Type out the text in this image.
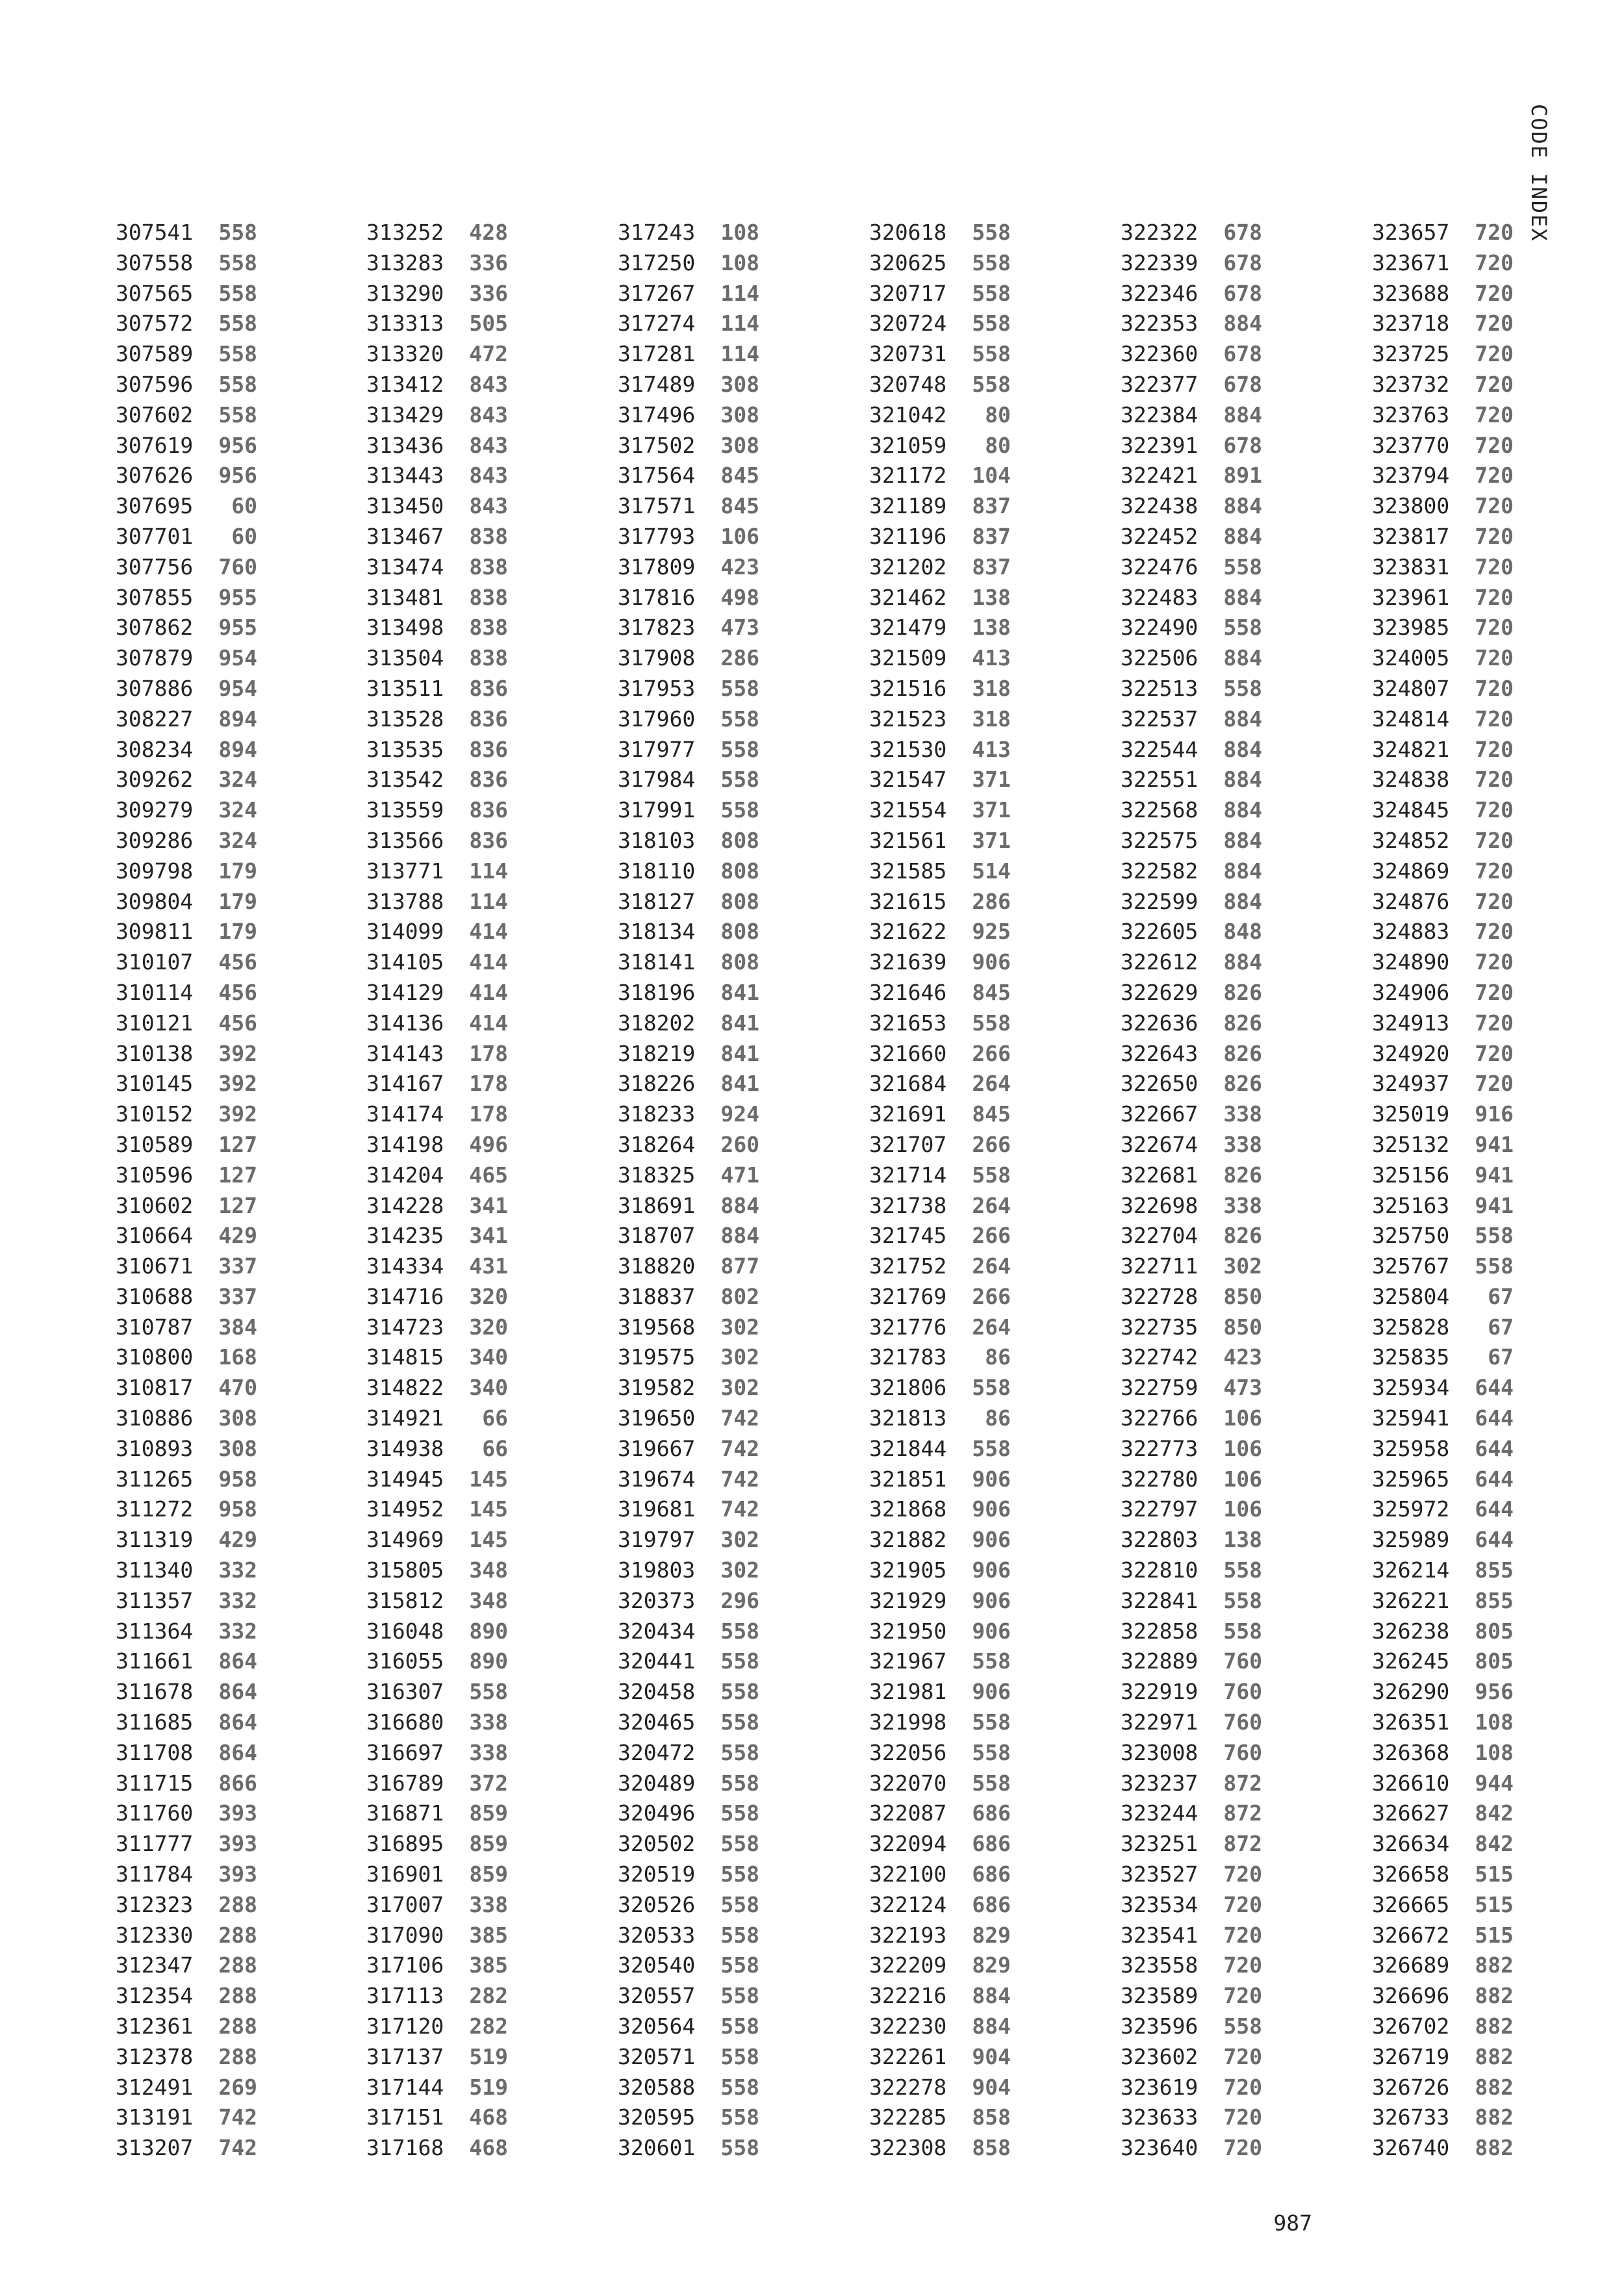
CODE INDEX
307541	558
307558	558
307565	558
307572	558
307589	558
307596	558
307602	558
307619	956
307626	956
307695	60
307701	60
307756	760
307855	955
307862	955
307879	954
307886	954
308227	894
308234	894
309262	324
309279	324
309286	324
309798	179
309804	179
309811	179
310107	456
310114	456
310121	456
310138	392
310145	392
310152	392
310589	127
310596	127
310602	127
310664	429
310671	337
310688	337
310787	384
310800	168
310817	470
310886	308
310893	308
311265	958
311272	958
311319	429
311340	332
311357	332
311364	332
311661	864
311678	864
311685	864
311708	864
311715	866
311760	393
311777	393
311784	393
312323	288
312330	288
312347	288
312354	288
312361	288
312378	288
312491	269
313191	742
313207	742
313252	428
313283	336
313290	336
313313	505
313320	472
313412	843
313429	843
313436	843
313443	843
313450	843
313467	838
313474	838
313481	838
313498	838
313504	838
313511	836
313528	836
313535	836
313542	836
313559	836
313566	836
313771	114
313788	114
314099	414
314105	414
314129	414
314136	414
314143	178
314167	178
314174	178
314198	496
314204	465
314228	341
314235	341
314334	431
314716	320
314723	320
314815	340
314822	340
314921	66
314938	66
314945	145
314952	145
314969	145
315805	348
315812	348
316048	890
316055	890
316307	558
316680	338
316697	338
316789	372
316871	859
316895	859
316901	859
317007	338
317090	385
317106	385
317113	282
317120	282
317137	519
317144	519
317151	468
317168	468
317243	108
317250	108
317267	114
317274	114
317281	114
317489	308
317496	308
317502	308
317564	845
317571	845
317793	106
317809	423
317816	498
317823	473
317908	286
317953	558
317960	558
317977	558
317984	558
317991	558
318103	808
318110	808
318127	808
318134	808
318141	808
318196	841
318202	841
318219	841
318226	841
318233	924
318264	260
318325	471
318691	884
318707	884
318820	877
318837	802
319568	302
319575	302
319582	302
319650	742
319667	742
319674	742
319681	742
319797	302
319803	302
320373	296
320434	558
320441	558
320458	558
320465	558
320472	558
320489	558
320496	558
320502	558
320519	558
320526	558
320533	558
320540	558
320557	558
320564	558
320571	558
320588	558
320595	558
320601	558
320618	558
320625	558
320717	558
320724	558
320731	558
320748	558
321042	80
321059	80
321172	104
321189	837
321196	837
321202	837
321462	138
321479	138
321509	413
321516	318
321523	318
321530	413
321547	371
321554	371
321561	371
321585	514
321615	286
321622	925
321639	906
321646	845
321653	558
321660	266
321684	264
321691	845
321707	266
321714	558
321738	264
321745	266
321752	264
321769	266
321776	264
321783	86
321806	558
321813	86
321844	558
321851	906
321868	906
321882	906
321905	906
321929	906
321950	906
321967	558
321981	906
321998	558
322056	558
322070	558
322087	686
322094	686
322100	686
322124	686
322193	829
322209	829
322216	884
322230	884
322261	904
322278	904
322285	858
322308	858
322322	678
322339	678
322346	678
322353	884
322360	678
322377	678
322384	884
322391	678
322421	891
322438	884
322452	884
322476	558
322483	884
322490	558
322506	884
322513	558
322537	884
322544	884
322551	884
322568	884
322575	884
322582	884
322599	884
322605	848
322612	884
322629	826
322636	826
322643	826
322650	826
322667	338
322674	338
322681	826
322698	338
322704	826
322711	302
322728	850
322735	850
322742	423
322759	473
322766	106
322773	106
322780	106
322797	106
322803	138
322810	558
322841	558
322858	558
322889	760
322919	760
322971	760
323008	760
323237	872
323244	872
323251	872
323527	720
323534	720
323541	720
323558	720
323589	720
323596	558
323602	720
323619	720
323633	720
323640	720
323657	720
323671	720
323688	720
323718	720
323725	720
323732	720
323763	720
323770	720
323794	720
323800	720
323817	720
323831	720
323961	720
323985	720
324005	720
324807	720
324814	720
324821	720
324838	720
324845	720
324852	720
324869	720
324876	720
324883	720
324890	720
324906	720
324913	720
324920	720
324937	720
325019	916
325132	941
325156	941
325163	941
325750	558
325767	558
325804	67
325828	67
325835	67
325934	644
325941	644
325958	644
325965	644
325972	644
325989	644
326214	855
326221	855
326238	805
326245	805
326290	956
326351	108
326368	108
326610	944
326627	842
326634	842
326658	515
326665	515
326672	515
326689	882
326696	882
326702	882
326719	882
326726	882
326733	882
326740	882
987
